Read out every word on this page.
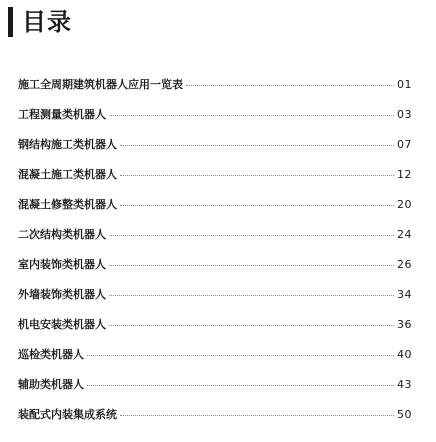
目录
施工全周期建筑机器人应用一览表	01
工程测量类机器人	03
钢结构施工类机器人	07
混凝土施工类机器人	12
混凝土修整类机器人	20
二次结构类机器人	24
室内装饰类机器人	26
外墙装饰类机器人	34
机电安装类机器人	36
巡检类机器人	40
辅助类机器人	43
装配式内装集成系统	50
